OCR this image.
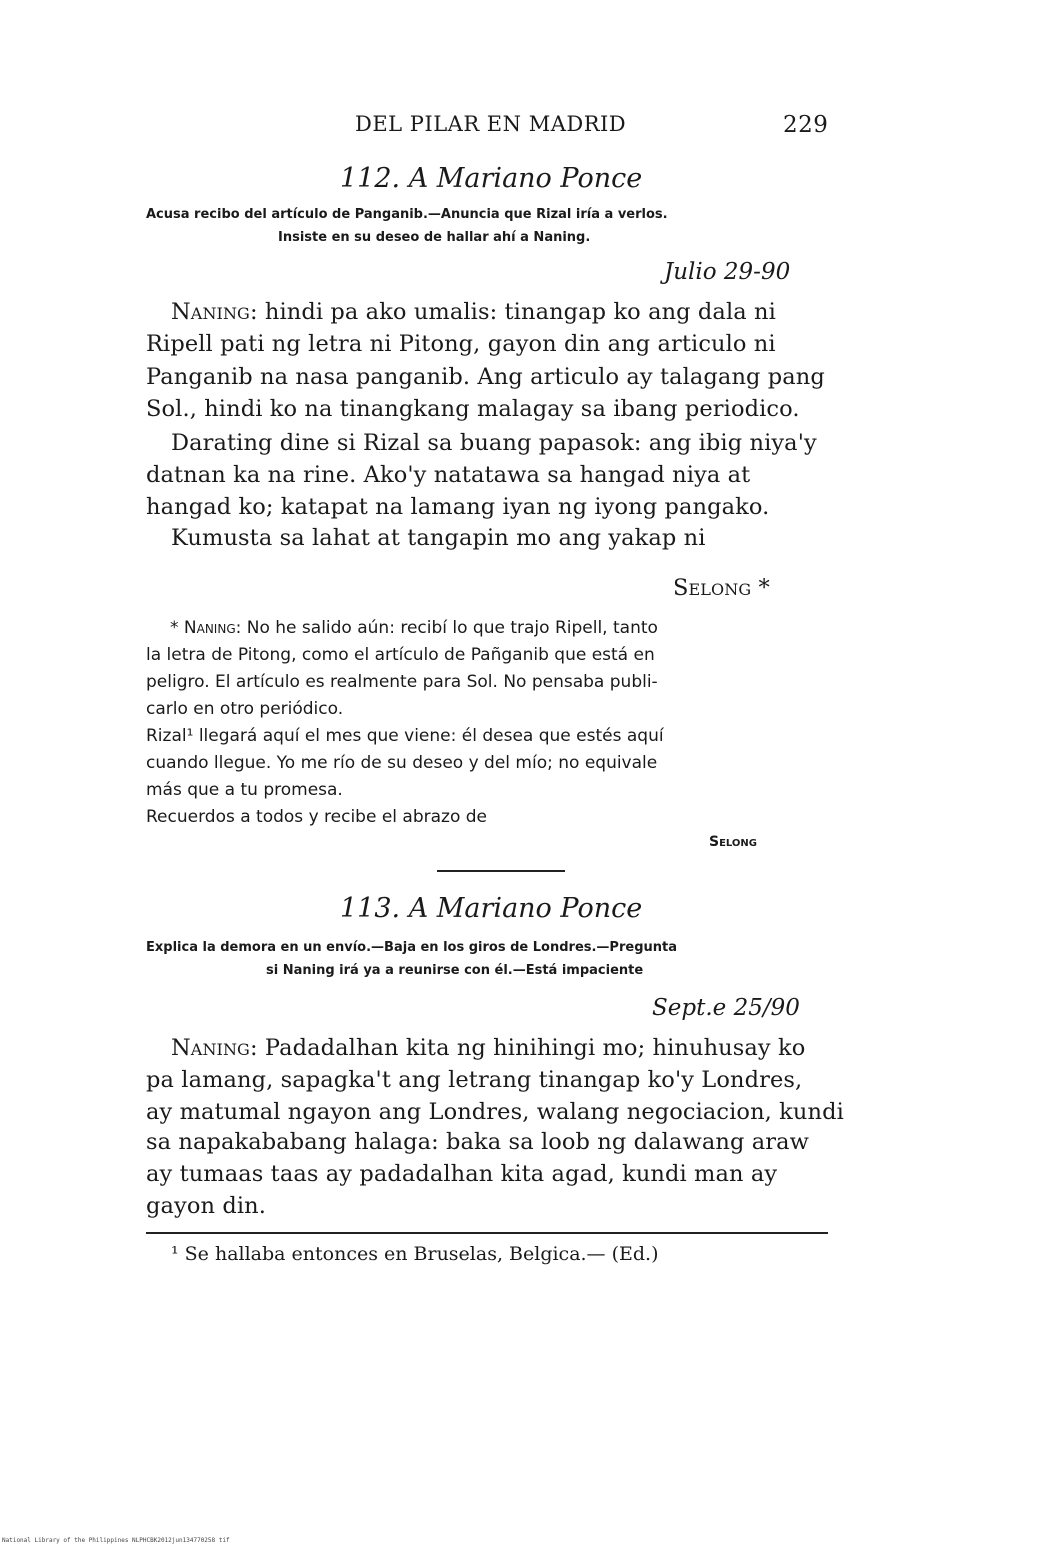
DEL PILAR EN MADRID	229
112. A Mariano Ponce
Acusa recibo del artículo de Panganib.—Anuncia que Rizal iría a verlos.
Insiste en su deseo de hallar ahí a Naning.
Julio 29-90
Naning: hindi pa ako umalis: tinangap ko ang dala ni
Ripell pati ng letra ni Pitong, gayon din ang articulo ni
Panganib na nasa panganib. Ang articulo ay talagang pang
Sol., hindi ko na tinangkang malagay sa ibang periodico.
Darating dine si Rizal sa buang papasok: ang ibig niya'y
datnan ka na rine. Ako'y natatawa sa hangad niya at
hangad ko; katapat na lamang iyan ng iyong pangako.
Kumusta sa lahat at tangapin mo ang yakap ni
Selong *
* Naning: No he salido aún: recibí lo que trajo Ripell, tanto
la letra de Pitong, como el artículo de Pañganib que está en
peligro. El artículo es realmente para Sol. No pensaba publi-
carlo en otro periódico.
Rizal¹ llegará aquí el mes que viene: él desea que estés aquí
cuando llegue. Yo me río de su deseo y del mío; no equivale
más que a tu promesa.
Recuerdos a todos y recibe el abrazo de
Selong
113. A Mariano Ponce
Explica la demora en un envío.—Baja en los giros de Londres.—Pregunta
si Naning irá ya a reunirse con él.—Está impaciente
Sept.e 25/90
Naning: Padadalhan kita ng hinihingi mo; hinuhusay ko
pa lamang, sapagka't ang letrang tinangap ko'y Londres,
ay matumal ngayon ang Londres, walang negociacion, kundi
sa napakababang halaga: baka sa loob ng dalawang araw
ay tumaas taas ay padadalhan kita agad, kundi man ay
gayon din.
¹ Se hallaba entonces en Bruselas, Belgica.— (Ed.)
National Library of the Philippines NLPHCBK2012jun134770258 tif
